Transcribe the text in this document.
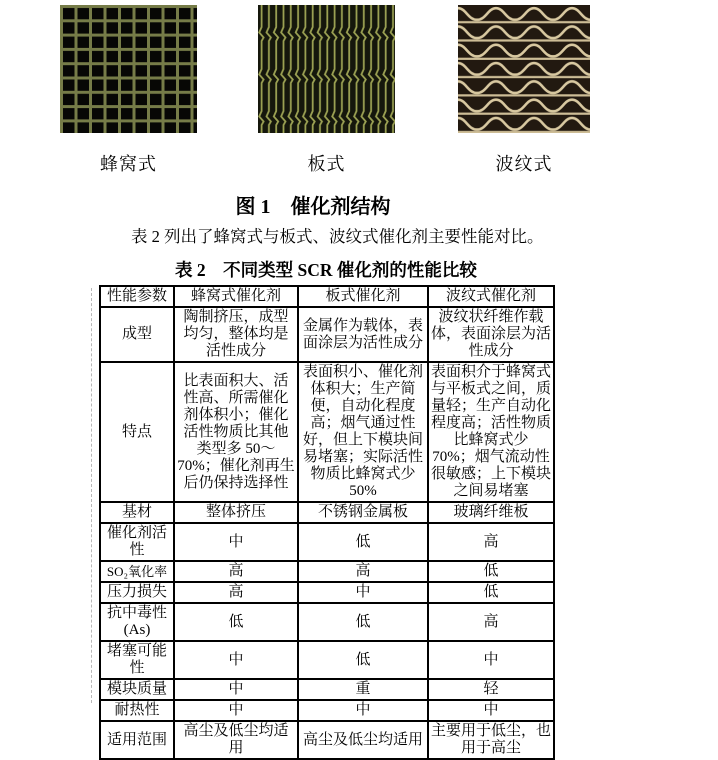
蜂窝式	板式	波纹式
图 1　催化剂结构

表 2 列出了蜂窝式与板式、波纹式催化剂主要性能对比。

表 2　不同类型 SCR 催化剂的性能比较
性能参数	蜂窝式催化剂	板式催化剂	波纹式催化剂
成型	陶制挤压，成型均匀，整体均是活性成分	金属作为载体，表面涂层为活性成分	波纹状纤维作载体，表面涂层为活性成分
特点	比表面积大、活性高、所需催化剂体积小；催化活性物质比其他类型多 50～70%；催化剂再生后仍保持选择性	表面积小、催化剂体积大；生产简便，自动化程度高；烟气通过性好，但上下模块间易堵塞；实际活性物质比蜂窝式少 50%	表面积介于蜂窝式与平板式之间，质量轻；生产自动化程度高；活性物质比蜂窝式少 70%；烟气流动性很敏感；上下模块之间易堵塞
基材	整体挤压	不锈钢金属板	玻璃纤维板
催化剂活性	中	低	高
SO₂氧化率	高	高	低
压力损失	高	中	低
抗中毒性(As)	低	低	高
堵塞可能性	中	低	中
模块质量	中	重	轻
耐热性	中	中	中
适用范围	高尘及低尘均适用	高尘及低尘均适用	主要用于低尘，也用于高尘
